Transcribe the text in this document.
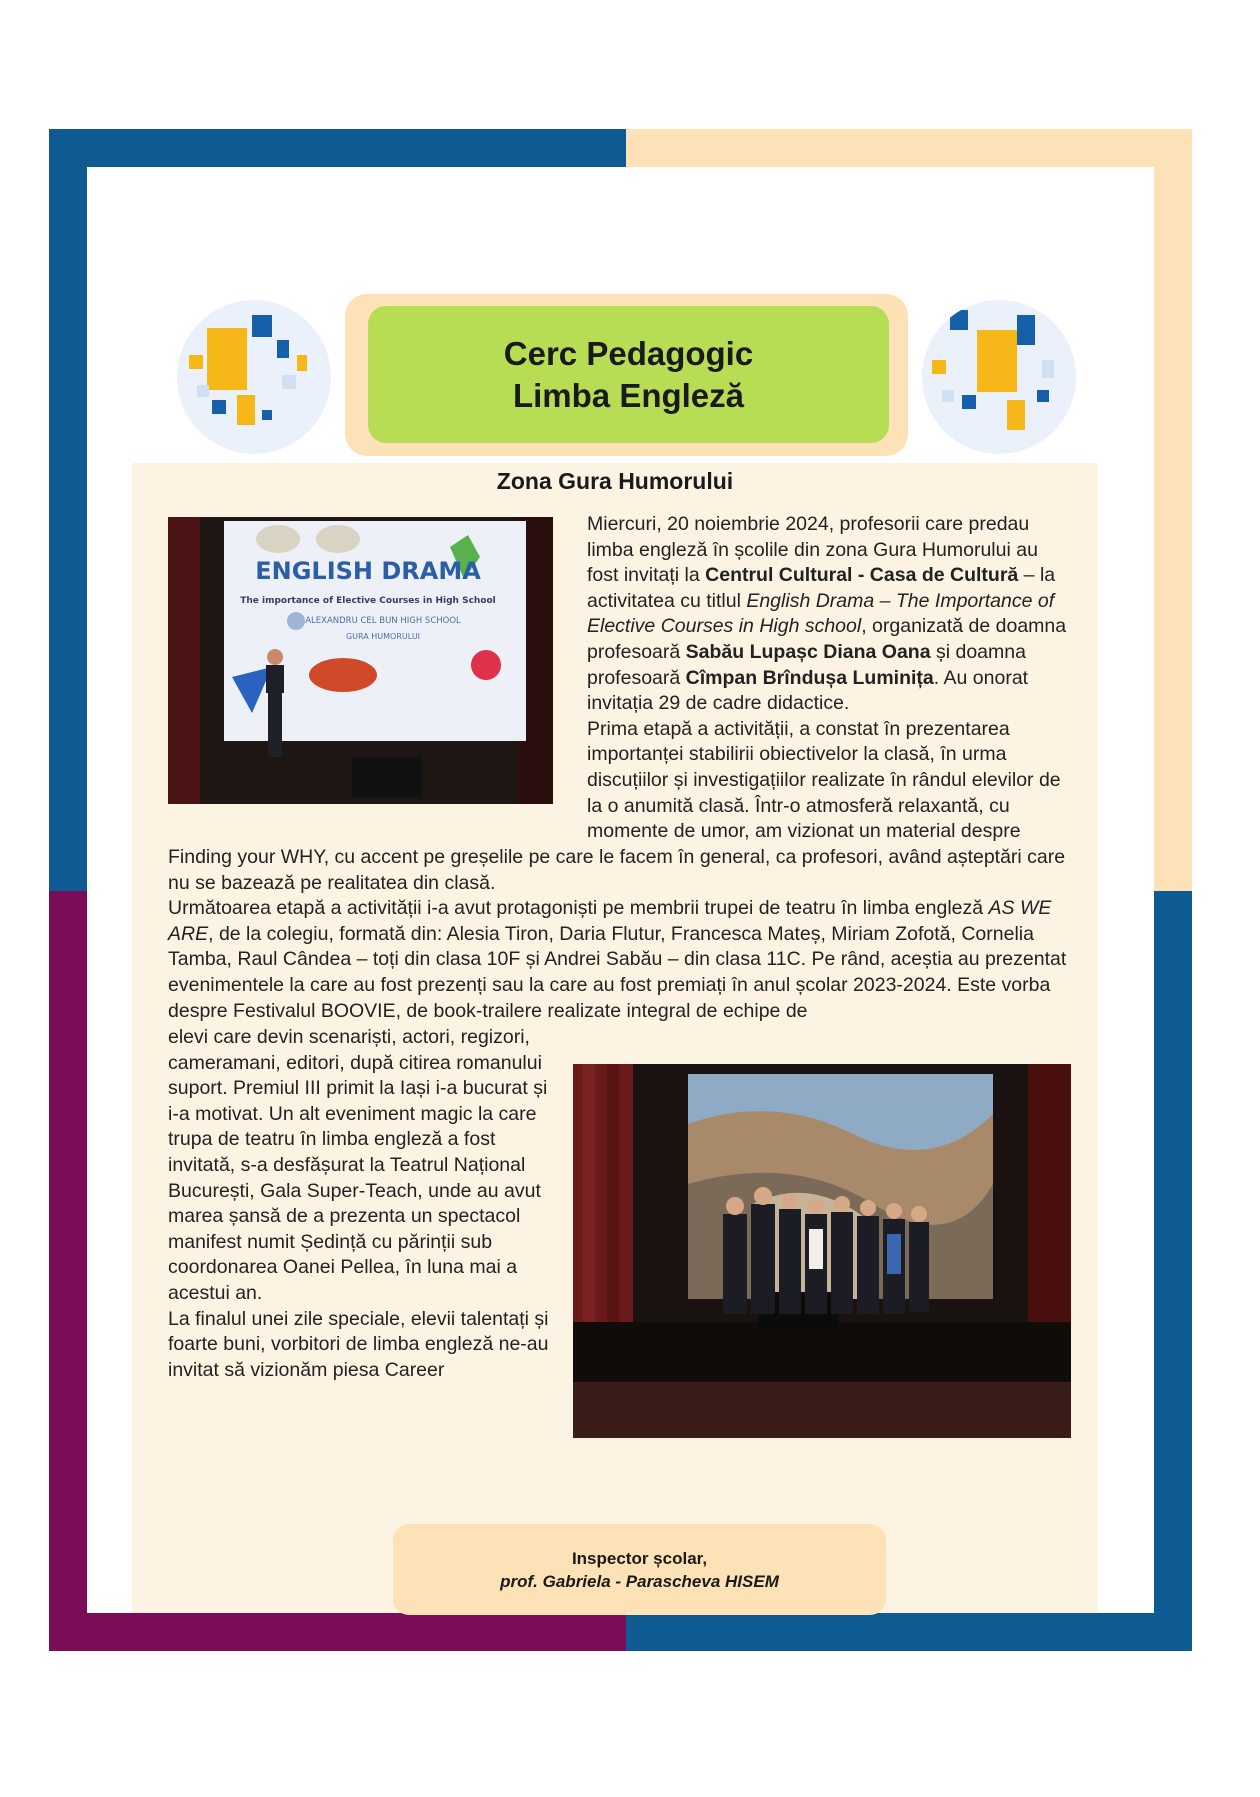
Cerc Pedagogic
Limba Engleză
Zona Gura Humorului
ENGLISH DRAMA
The importance of Elective Courses in High School
ALEXANDRU CEL BUN HIGH SCHOOL
GURA HUMORULUI

Miercuri, 20 noiembrie 2024, profesorii care predau limba engleză în școlile din zona Gura Humorului au fost invitați la Centrul Cultural - Casa de Cultură – la activitatea cu titlul English Drama – The Importance of Elective Courses in High school, organizată de doamna profesoară Sabău Lupașc Diana Oana și doamna profesoară Cîmpan Brîndușa Luminița. Au onorat invitația 29 de cadre didactice.

Prima etapă a activității, a constat în prezentarea importanței stabilirii obiectivelor la clasă, în urma discuțiilor și investigațiilor realizate în rândul elevilor de la o anumită clasă. Într-o atmosferă relaxantă, cu momente de umor, am vizionat un material despre

Finding your WHY, cu accent pe greșelile pe care le facem în general, ca profesori, având așteptări care nu se bazează pe realitatea din clasă.

Următoarea etapă a activității i-a avut protagoniști pe membrii trupei de teatru în limba engleză AS WE ARE, de la colegiu, formată din: Alesia Tiron, Daria Flutur, Francesca Mateș, Miriam Zofotă, Cornelia Tamba, Raul Cândea – toți din clasa 10F și Andrei Sabău – din clasa 11C. Pe rând, aceștia au prezentat evenimentele la care au fost prezenți sau la care au fost premiați în anul școlar 2023-2024. Este vorba despre Festivalul BOOVIE, de book-trailere realizate integral de echipe de

elevi care devin scenariști, actori, regizori, cameramani, editori, după citirea romanului suport. Premiul III primit la Iași i-a bucurat și i-a motivat. Un alt eveniment magic la care trupa de teatru în limba engleză a fost invitată, s-a desfășurat la Teatrul Național București, Gala Super-Teach, unde au avut marea șansă de a prezenta un spectacol manifest numit Ședință cu părinții sub coordonarea Oanei Pellea, în luna mai a acestui an.

La finalul unei zile speciale, elevii talentați și foarte buni, vorbitori de limba engleză ne-au invitat să vizionăm piesa Career

Inspector școlar,
prof. Gabriela - Parascheva HISEM
